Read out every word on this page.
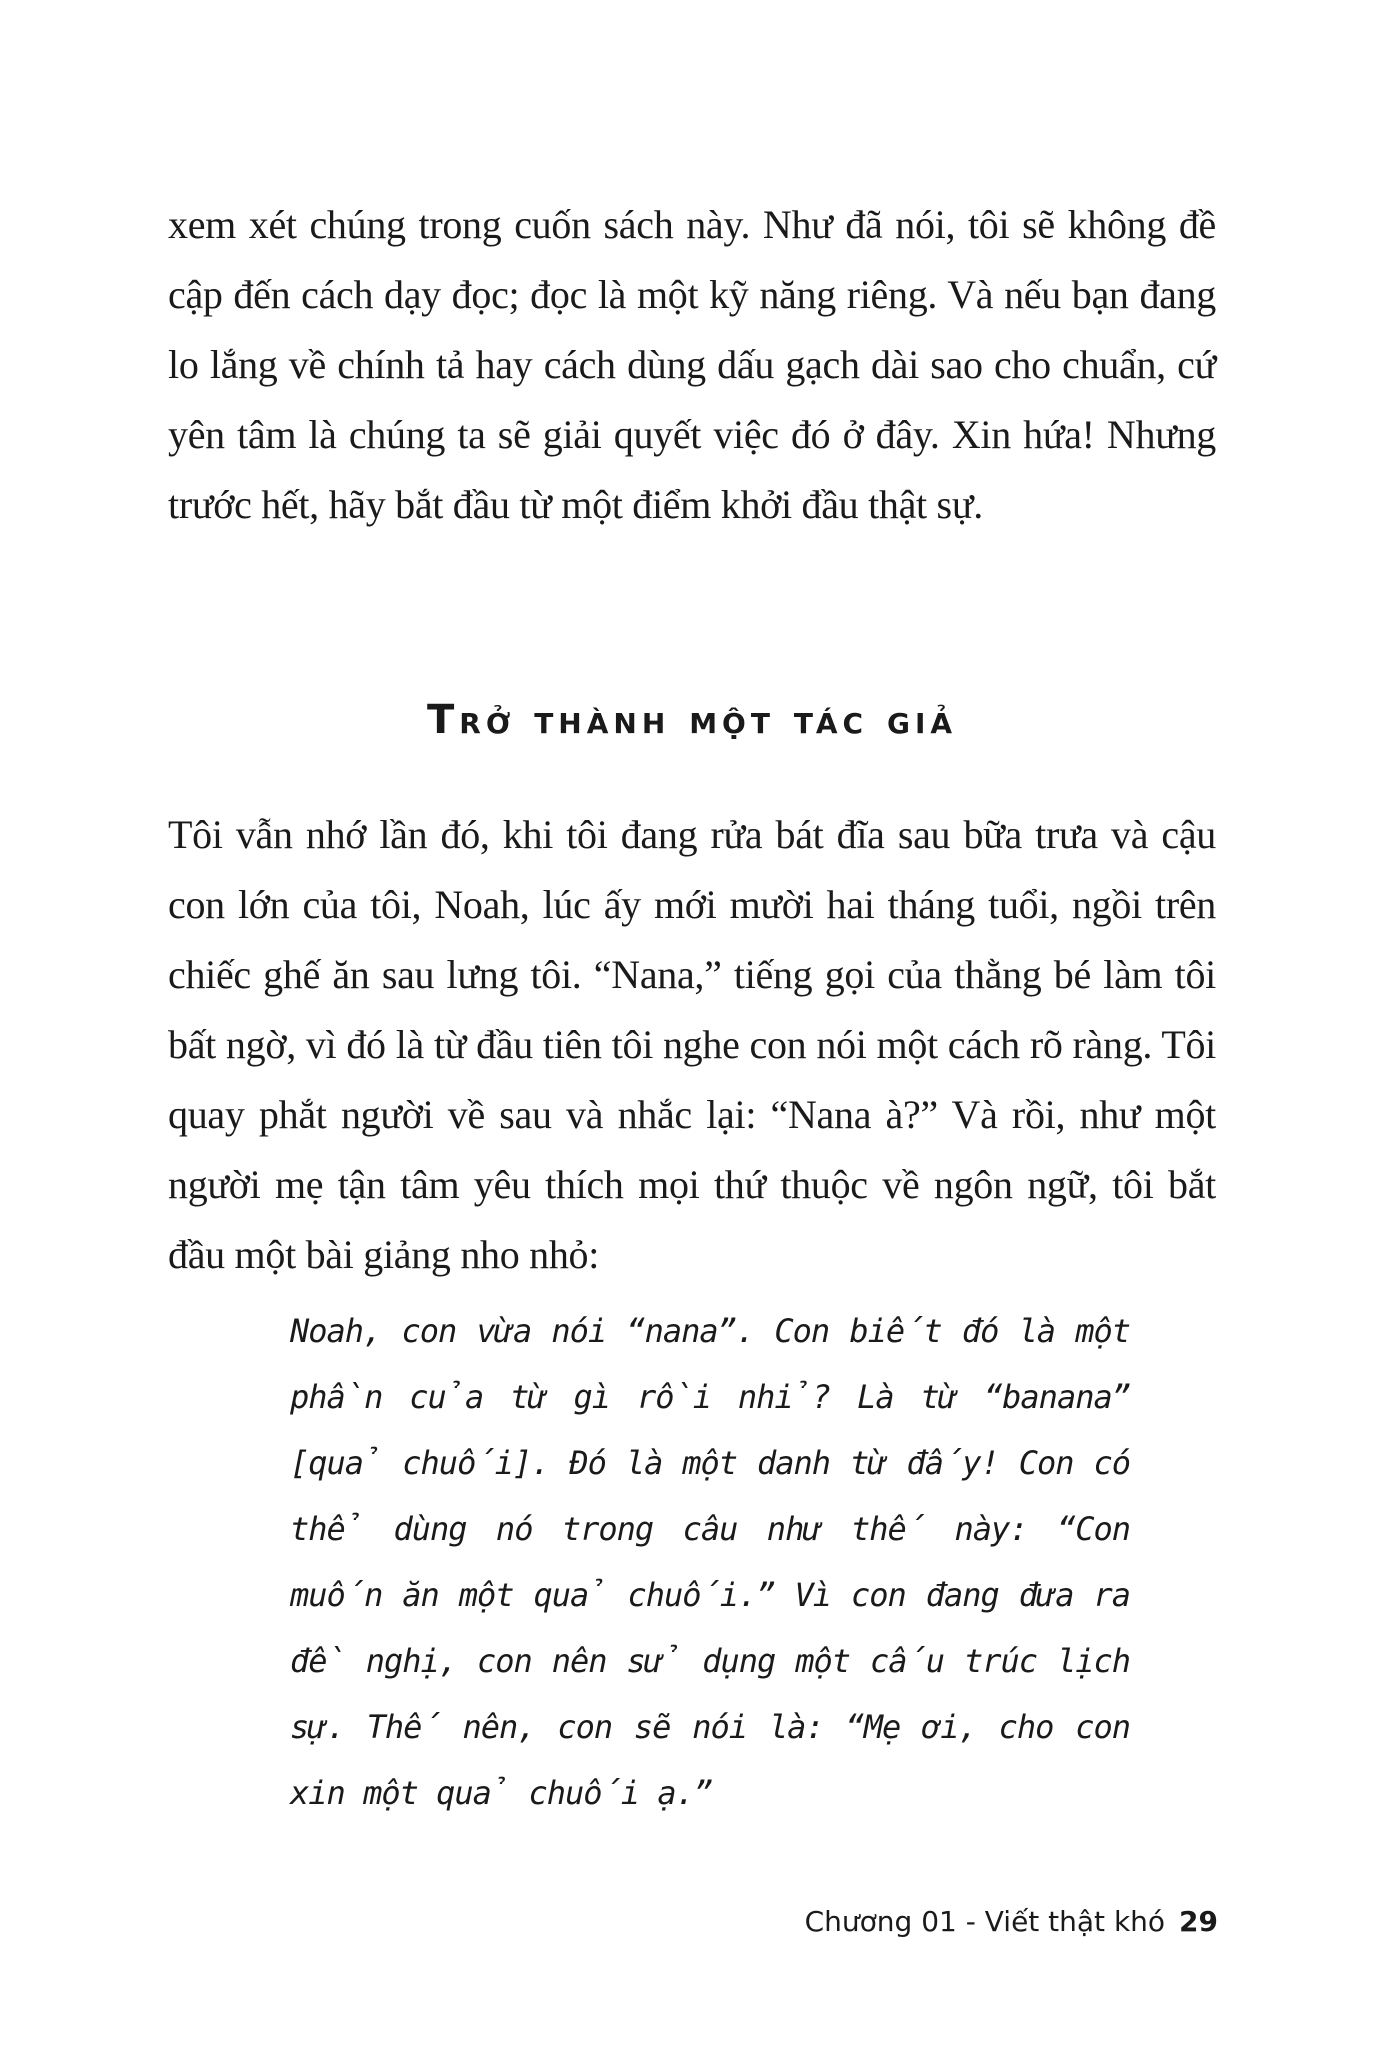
xem xét chúng trong cuốn sách này. Như đã nói, tôi sẽ không đề cập đến cách dạy đọc; đọc là một kỹ năng riêng. Và nếu bạn đang lo lắng về chính tả hay cách dùng dấu gạch dài sao cho chuẩn, cứ yên tâm là chúng ta sẽ giải quyết việc đó ở đây. Xin hứa! Nhưng trước hết, hãy bắt đầu từ một điểm khởi đầu thật sự.

Trở thành một tác giả

Tôi vẫn nhớ lần đó, khi tôi đang rửa bát đĩa sau bữa trưa và cậu con lớn của tôi, Noah, lúc ấy mới mười hai tháng tuổi, ngồi trên chiếc ghế ăn sau lưng tôi. “Nana,” tiếng gọi của thằng bé làm tôi bất ngờ, vì đó là từ đầu tiên tôi nghe con nói một cách rõ ràng. Tôi quay phắt người về sau và nhắc lại: “Nana à?” Và rồi, như một người mẹ tận tâm yêu thích mọi thứ thuộc về ngôn ngữ, tôi bắt đầu một bài giảng nho nhỏ:

Noah, con vừa nói “nana”. Con biết đó là một phần của từ gì rồi nhỉ? Là từ “banana” [quả chuối]. Đó là một danh từ đấy! Con có thể dùng nó trong câu như thế này: “Con muốn ăn một quả chuối.” Vì con đang đưa ra đề nghị, con nên sử dụng một cấu trúc lịch sự. Thế nên, con sẽ nói là: “Mẹ ơi, cho con xin một quả chuối ạ.”

Chương 01 - Viết thật khó 29
